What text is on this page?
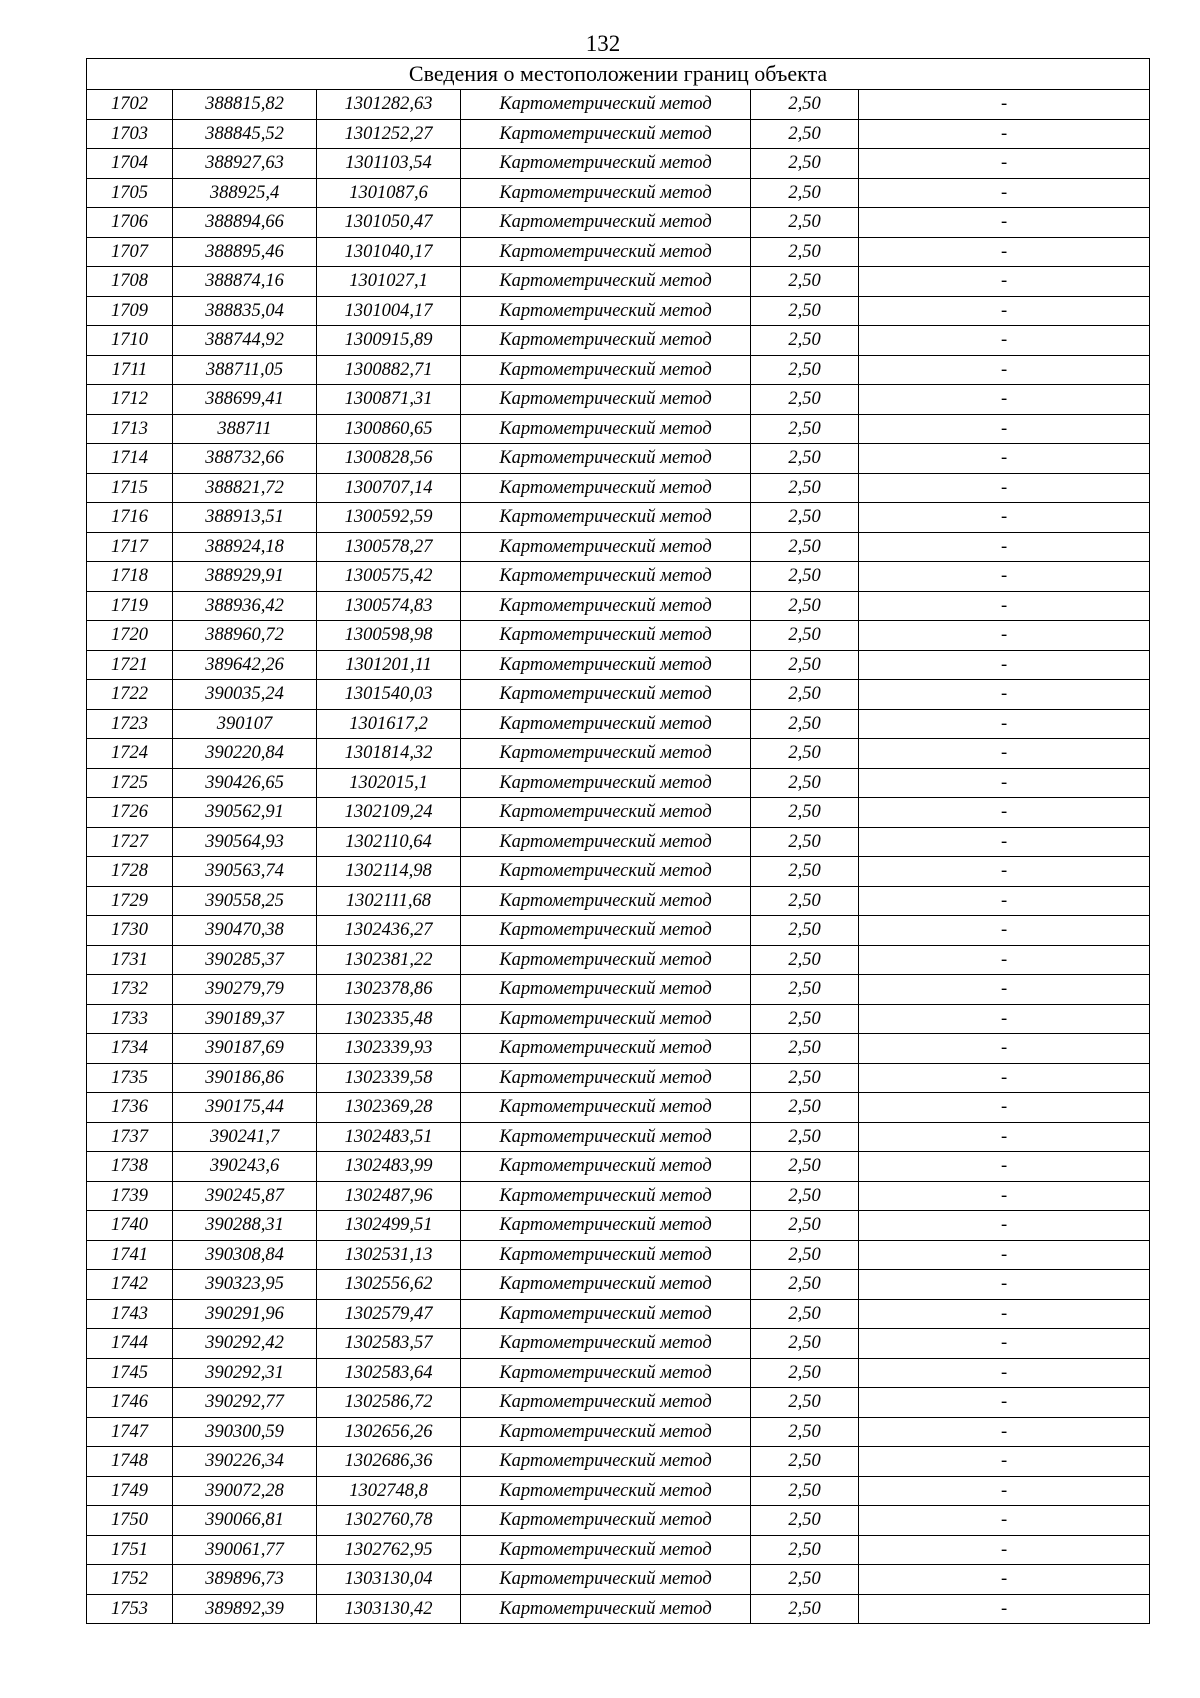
132
Сведения о местоположении границ объекта					
1702	388815,82	1301282,63	Картометрический метод	2,50	-
1703	388845,52	1301252,27	Картометрический метод	2,50	-
1704	388927,63	1301103,54	Картометрический метод	2,50	-
1705	388925,4	1301087,6	Картометрический метод	2,50	-
1706	388894,66	1301050,47	Картометрический метод	2,50	-
1707	388895,46	1301040,17	Картометрический метод	2,50	-
1708	388874,16	1301027,1	Картометрический метод	2,50	-
1709	388835,04	1301004,17	Картометрический метод	2,50	-
1710	388744,92	1300915,89	Картометрический метод	2,50	-
1711	388711,05	1300882,71	Картометрический метод	2,50	-
1712	388699,41	1300871,31	Картометрический метод	2,50	-
1713	388711	1300860,65	Картометрический метод	2,50	-
1714	388732,66	1300828,56	Картометрический метод	2,50	-
1715	388821,72	1300707,14	Картометрический метод	2,50	-
1716	388913,51	1300592,59	Картометрический метод	2,50	-
1717	388924,18	1300578,27	Картометрический метод	2,50	-
1718	388929,91	1300575,42	Картометрический метод	2,50	-
1719	388936,42	1300574,83	Картометрический метод	2,50	-
1720	388960,72	1300598,98	Картометрический метод	2,50	-
1721	389642,26	1301201,11	Картометрический метод	2,50	-
1722	390035,24	1301540,03	Картометрический метод	2,50	-
1723	390107	1301617,2	Картометрический метод	2,50	-
1724	390220,84	1301814,32	Картометрический метод	2,50	-
1725	390426,65	1302015,1	Картометрический метод	2,50	-
1726	390562,91	1302109,24	Картометрический метод	2,50	-
1727	390564,93	1302110,64	Картометрический метод	2,50	-
1728	390563,74	1302114,98	Картометрический метод	2,50	-
1729	390558,25	1302111,68	Картометрический метод	2,50	-
1730	390470,38	1302436,27	Картометрический метод	2,50	-
1731	390285,37	1302381,22	Картометрический метод	2,50	-
1732	390279,79	1302378,86	Картометрический метод	2,50	-
1733	390189,37	1302335,48	Картометрический метод	2,50	-
1734	390187,69	1302339,93	Картометрический метод	2,50	-
1735	390186,86	1302339,58	Картометрический метод	2,50	-
1736	390175,44	1302369,28	Картометрический метод	2,50	-
1737	390241,7	1302483,51	Картометрический метод	2,50	-
1738	390243,6	1302483,99	Картометрический метод	2,50	-
1739	390245,87	1302487,96	Картометрический метод	2,50	-
1740	390288,31	1302499,51	Картометрический метод	2,50	-
1741	390308,84	1302531,13	Картометрический метод	2,50	-
1742	390323,95	1302556,62	Картометрический метод	2,50	-
1743	390291,96	1302579,47	Картометрический метод	2,50	-
1744	390292,42	1302583,57	Картометрический метод	2,50	-
1745	390292,31	1302583,64	Картометрический метод	2,50	-
1746	390292,77	1302586,72	Картометрический метод	2,50	-
1747	390300,59	1302656,26	Картометрический метод	2,50	-
1748	390226,34	1302686,36	Картометрический метод	2,50	-
1749	390072,28	1302748,8	Картометрический метод	2,50	-
1750	390066,81	1302760,78	Картометрический метод	2,50	-
1751	390061,77	1302762,95	Картометрический метод	2,50	-
1752	389896,73	1303130,04	Картометрический метод	2,50	-
1753	389892,39	1303130,42	Картометрический метод	2,50	-
